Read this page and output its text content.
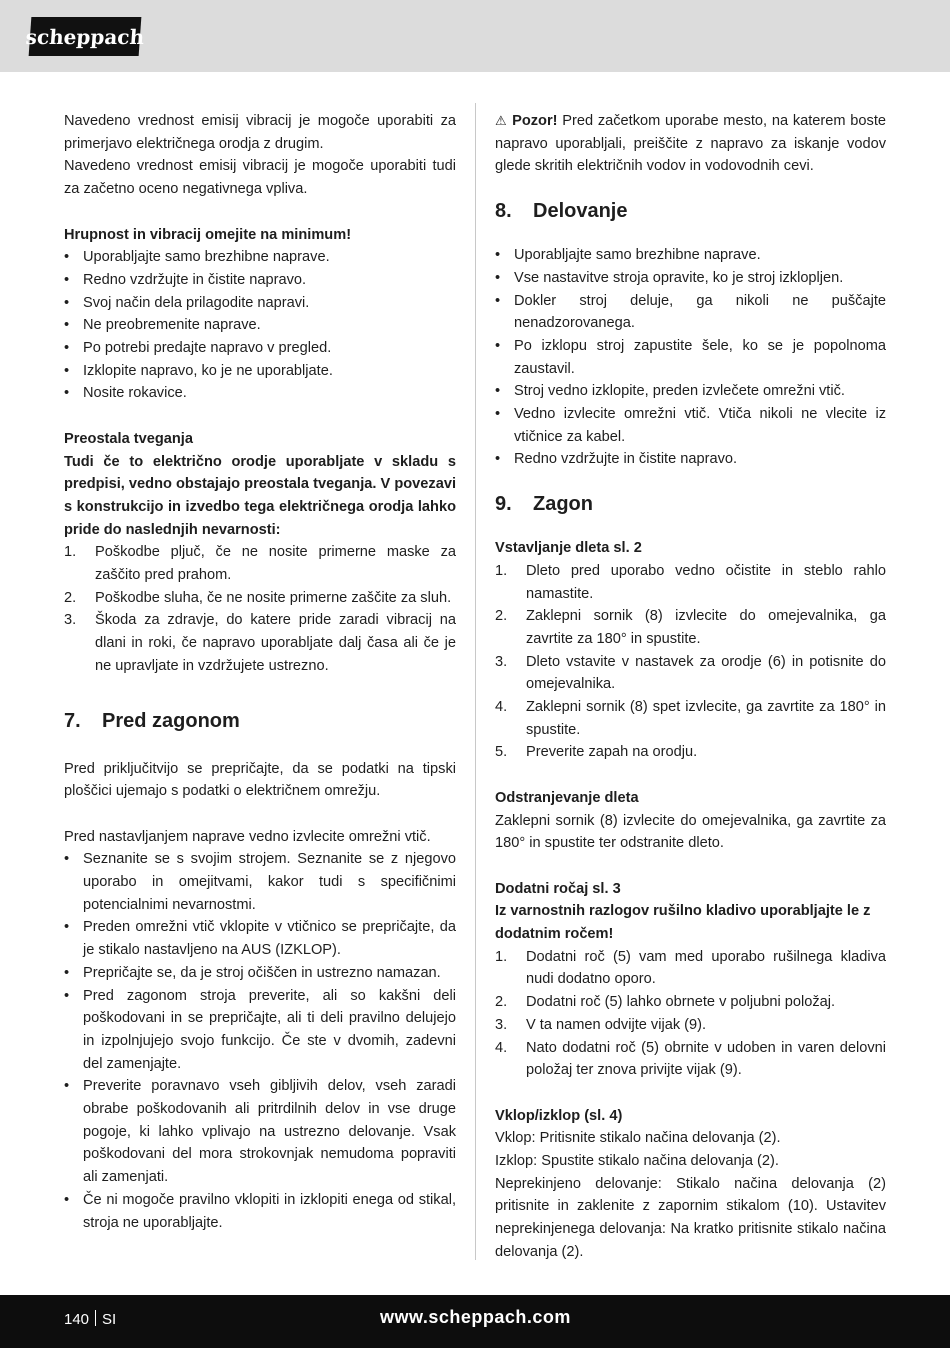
scheppach

Navedeno vrednost emisij vibracij je mogoče uporabiti za primerjavo električnega orodja z drugim.

Navedeno vrednost emisij vibracij je mogoče uporabiti tudi za začetno oceno negativnega vpliva.

Hrupnost in vibracij omejite na minimum!

• Uporabljajte samo brezhibne naprave.
• Redno vzdržujte in čistite napravo.
• Svoj način dela prilagodite napravi.
• Ne preobremenite naprave.
• Po potrebi predajte napravo v pregled.
• Izklopite napravo, ko je ne uporabljate.
• Nosite rokavice.

Preostala tveganja

Tudi če to električno orodje uporabljate v skladu s predpisi, vedno obstajajo preostala tveganja. V povezavi s konstrukcijo in izvedbo tega električnega orodja lahko pride do naslednjih nevarnosti:

1. Poškodbe pljuč, če ne nosite primerne maske za zaščito pred prahom.
2. Poškodbe sluha, če ne nosite primerne zaščite za sluh.
3. Škoda za zdravje, do katere pride zaradi vibracij na dlani in roki, če napravo uporabljate dalj časa ali če je ne upravljate in vzdržujete ustrezno.
7. Pred zagonom

Pred priključitvijo se prepričajte, da se podatki na tipski ploščici ujemajo s podatki o električnem omrežju.

Pred nastavljanjem naprave vedno izvlecite omrežni vtič.

• Seznanite se s svojim strojem. Seznanite se z njegovo uporabo in omejitvami, kakor tudi s specifičnimi potencialnimi nevarnostmi.
• Preden omrežni vtič vklopite v vtičnico se prepričajte, da je stikalo nastavljeno na AUS (IZKLOP).
• Prepričajte se, da je stroj očiščen in ustrezno namazan.
• Pred zagonom stroja preverite, ali so kakšni deli poškodovani in se prepričajte, ali ti deli pravilno delujejo in izpolnjujejo svojo funkcijo. Če ste v dvomih, zadevni del zamenjajte.
• Preverite poravnavo vseh gibljivih delov, vseh zaradi obrabe poškodovanih ali pritrdilnih delov in vse druge pogoje, ki lahko vplivajo na ustrezno delovanje. Vsak poškodovani del mora strokovnjak nemudoma popraviti ali zamenjati.
• Če ni mogoče pravilno vklopiti in izklopiti enega od stikal, stroja ne uporabljajte.

⚠ Pozor! Pred začetkom uporabe mesto, na katerem boste napravo uporabljali, preiščite z napravo za iskanje vodov glede skritih električnih vodov in vodovodnih cevi.

8. Delovanje
• Uporabljajte samo brezhibne naprave.
• Vse nastavitve stroja opravite, ko je stroj izklopljen.
• Dokler stroj deluje, ga nikoli ne puščajte nenadzorovanega.
• Po izklopu stroj zapustite šele, ko se je popolnoma zaustavil.
• Stroj vedno izklopite, preden izvlečete omrežni vtič.
• Vedno izvlecite omrežni vtič. Vtiča nikoli ne vlecite iz vtičnice za kabel.
• Redno vzdržujte in čistite napravo.
9. Zagon

Vstavljanje dleta sl. 2

1. Dleto pred uporabo vedno očistite in steblo rahlo namastite.
2. Zaklepni sornik (8) izvlecite do omejevalnika, ga zavrtite za 180° in spustite.
3. Dleto vstavite v nastavek za orodje (6) in potisnite do omejevalnika.
4. Zaklepni sornik (8) spet izvlecite, ga zavrtite za 180° in spustite.
5. Preverite zapah na orodju.

Odstranjevanje dleta

Zaklepni sornik (8) izvlecite do omejevalnika, ga zavrtite za 180° in spustite ter odstranite dleto.

Dodatni ročaj sl. 3

Iz varnostnih razlogov rušilno kladivo uporabljajte le z dodatnim ročem!

1. Dodatni roč (5) vam med uporabo rušilnega kladiva nudi dodatno oporo.
2. Dodatni roč (5) lahko obrnete v poljubni položaj.
3. V ta namen odvijte vijak (9).
4. Nato dodatni roč (5) obrnite v udoben in varen delovni položaj ter znova privijte vijak (9).

Vklop/izklop (sl. 4)

Vklop: Pritisnite stikalo načina delovanja (2).

Izklop: Spustite stikalo načina delovanja (2).

Neprekinjeno delovanje: Stikalo načina delovanja (2) pritisnite in zaklenite z zapornim stikalom (10). Ustavitev neprekinjenega delovanja: Na kratko pritisnite stikalo načina delovanja (2).

140 SI	www.scheppach.com
